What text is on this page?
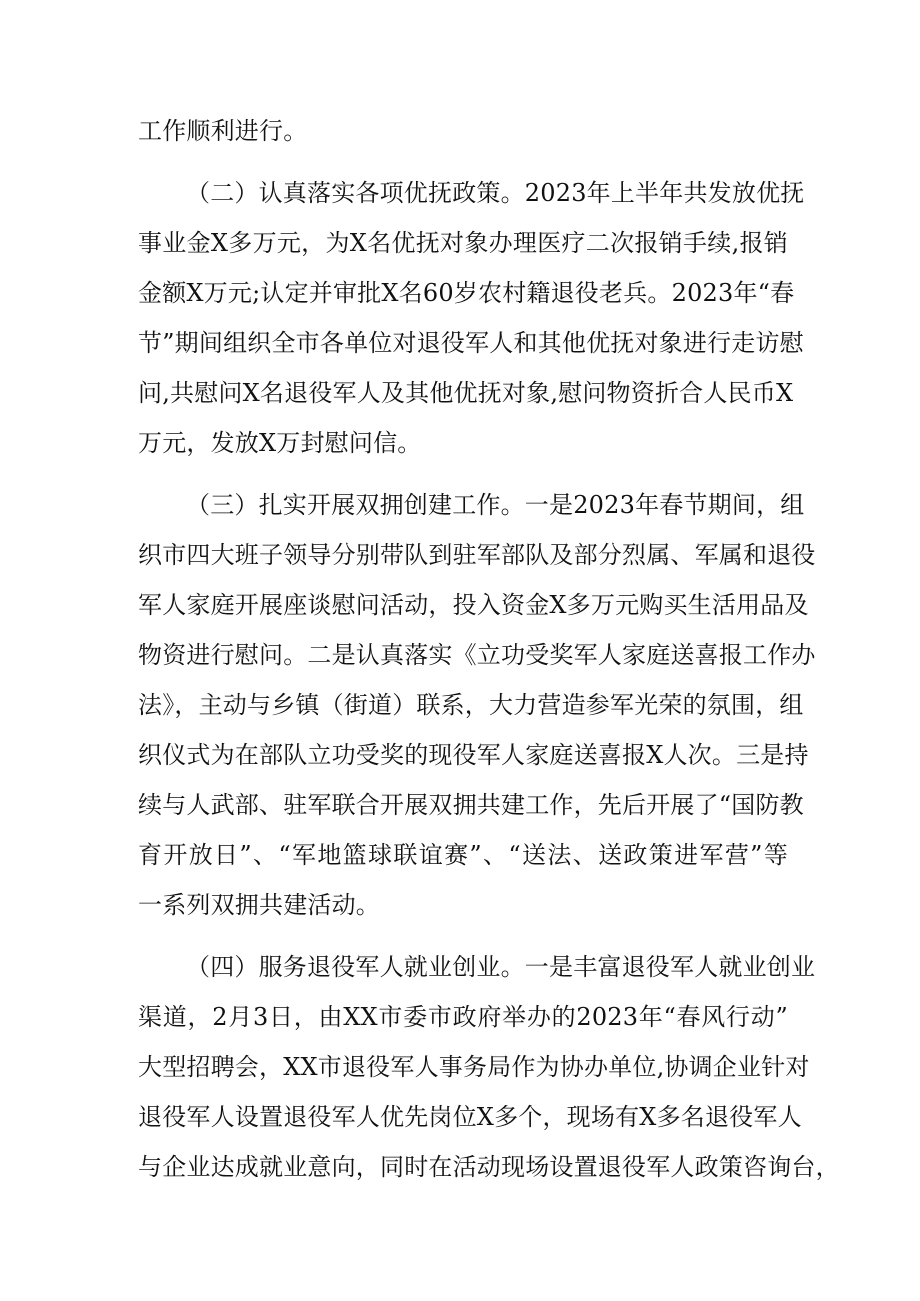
工作顺利进行。
（二）认真落实各项优抚政策。2023年上半年共发放优抚
事业金X多万元，为X名优抚对象办理医疗二次报销手续,报销
金额X万元;认定并审批X名60岁农村籍退役老兵。2023年“春
节”期间组织全市各单位对退役军人和其他优抚对象进行走访慰
问,共慰问X名退役军人及其他优抚对象,慰问物资折合人民币X
万元，发放X万封慰问信。
（三）扎实开展双拥创建工作。一是2023年春节期间，组
织市四大班子领导分别带队到驻军部队及部分烈属、军属和退役
军人家庭开展座谈慰问活动，投入资金X多万元购买生活用品及
物资进行慰问。二是认真落实《立功受奖军人家庭送喜报工作办
法》，主动与乡镇（街道）联系，大力营造参军光荣的氛围，组
织仪式为在部队立功受奖的现役军人家庭送喜报X人次。三是持
续与人武部、驻军联合开展双拥共建工作，先后开展了“国防教
育开放日”、“军地篮球联谊赛”、“送法、送政策进军营”等
一系列双拥共建活动。
（四）服务退役军人就业创业。一是丰富退役军人就业创业
渠道，2月3日，由XX市委市政府举办的2023年“春风行动”
大型招聘会，XX市退役军人事务局作为协办单位,协调企业针对
退役军人设置退役军人优先岗位X多个，现场有X多名退役军人
与企业达成就业意向，同时在活动现场设置退役军人政策咨询台，
